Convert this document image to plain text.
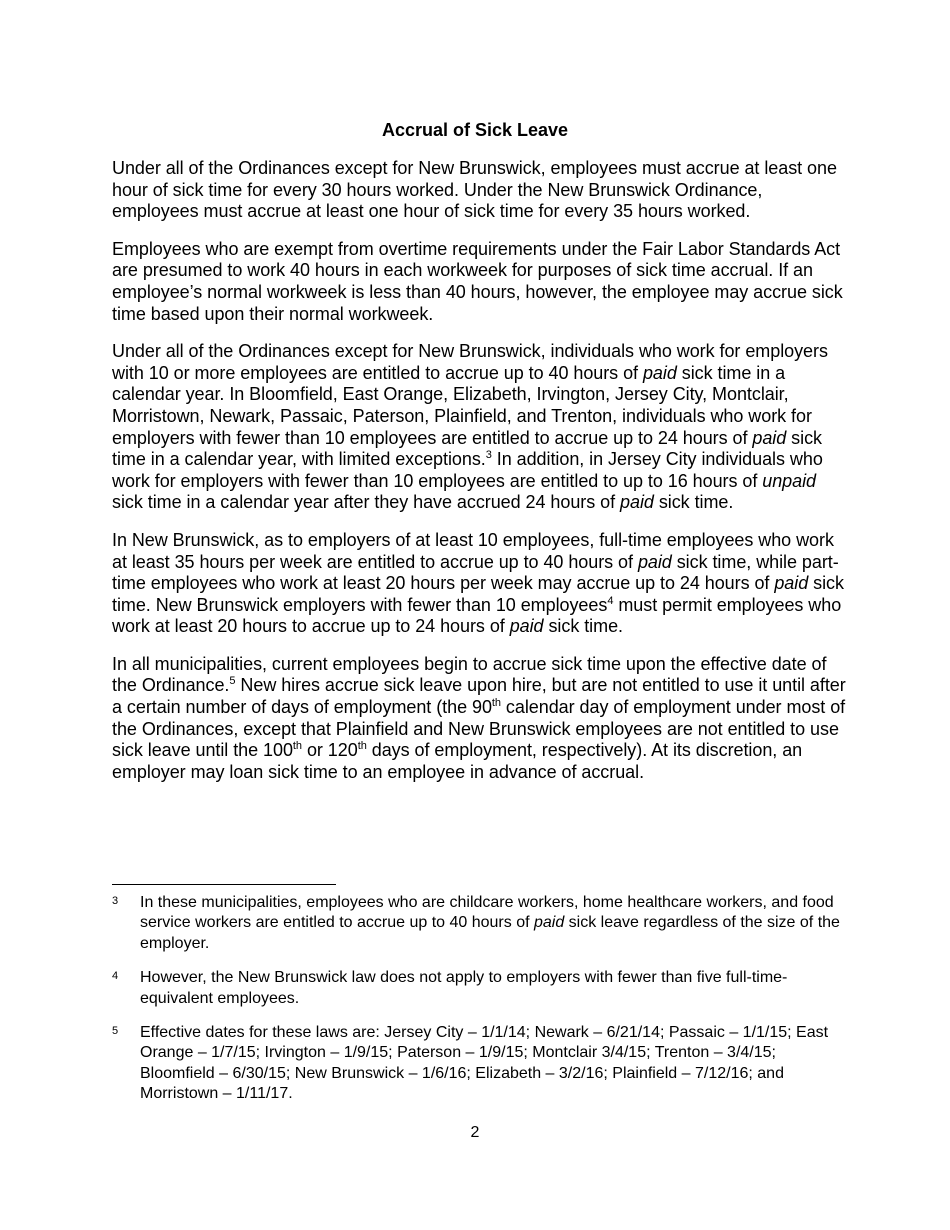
Accrual of Sick Leave

Under all of the Ordinances except for New Brunswick, employees must accrue at least one hour of sick time for every 30 hours worked. Under the New Brunswick Ordinance, employees must accrue at least one hour of sick time for every 35 hours worked.

Employees who are exempt from overtime requirements under the Fair Labor Standards Act are presumed to work 40 hours in each workweek for purposes of sick time accrual. If an employee’s normal workweek is less than 40 hours, however, the employee may accrue sick time based upon their normal workweek.

Under all of the Ordinances except for New Brunswick, individuals who work for employers with 10 or more employees are entitled to accrue up to 40 hours of paid sick time in a calendar year. In Bloomfield, East Orange, Elizabeth, Irvington, Jersey City, Montclair, Morristown, Newark, Passaic, Paterson, Plainfield, and Trenton, individuals who work for employers with fewer than 10 employees are entitled to accrue up to 24 hours of paid sick time in a calendar year, with limited exceptions.$^3$ In addition, in Jersey City individuals who work for employers with fewer than 10 employees are entitled to up to 16 hours of unpaid sick time in a calendar year after they have accrued 24 hours of paid sick time.

In New Brunswick, as to employers of at least 10 employees, full-time employees who work at least 35 hours per week are entitled to accrue up to 40 hours of paid sick time, while part-time employees who work at least 20 hours per week may accrue up to 24 hours of paid sick time. New Brunswick employers with fewer than 10 employees$^4$ must permit employees who work at least 20 hours to accrue up to 24 hours of paid sick time.

In all municipalities, current employees begin to accrue sick time upon the effective date of the Ordinance.$^5$ New hires accrue sick leave upon hire, but are not entitled to use it until after a certain number of days of employment (the 90th calendar day of employment under most of the Ordinances, except that Plainfield and New Brunswick employees are not entitled to use sick leave until the 100th or 120th days of employment, respectively). At its discretion, an employer may loan sick time to an employee in advance of accrual.

3	In these municipalities, employees who are childcare workers, home healthcare workers, and food service workers are entitled to accrue up to 40 hours of paid sick leave regardless of the size of the employer.
4	However, the New Brunswick law does not apply to employers with fewer than five full-time-equivalent employees.
5	Effective dates for these laws are: Jersey City – 1/1/14; Newark – 6/21/14; Passaic – 1/1/15; East Orange – 1/7/15; Irvington – 1/9/15; Paterson – 1/9/15; Montclair 3/4/15; Trenton – 3/4/15; Bloomfield – 6/30/15; New Brunswick – 1/6/16; Elizabeth – 3/2/16; Plainfield – 7/12/16; and Morristown – 1/11/17.
2
